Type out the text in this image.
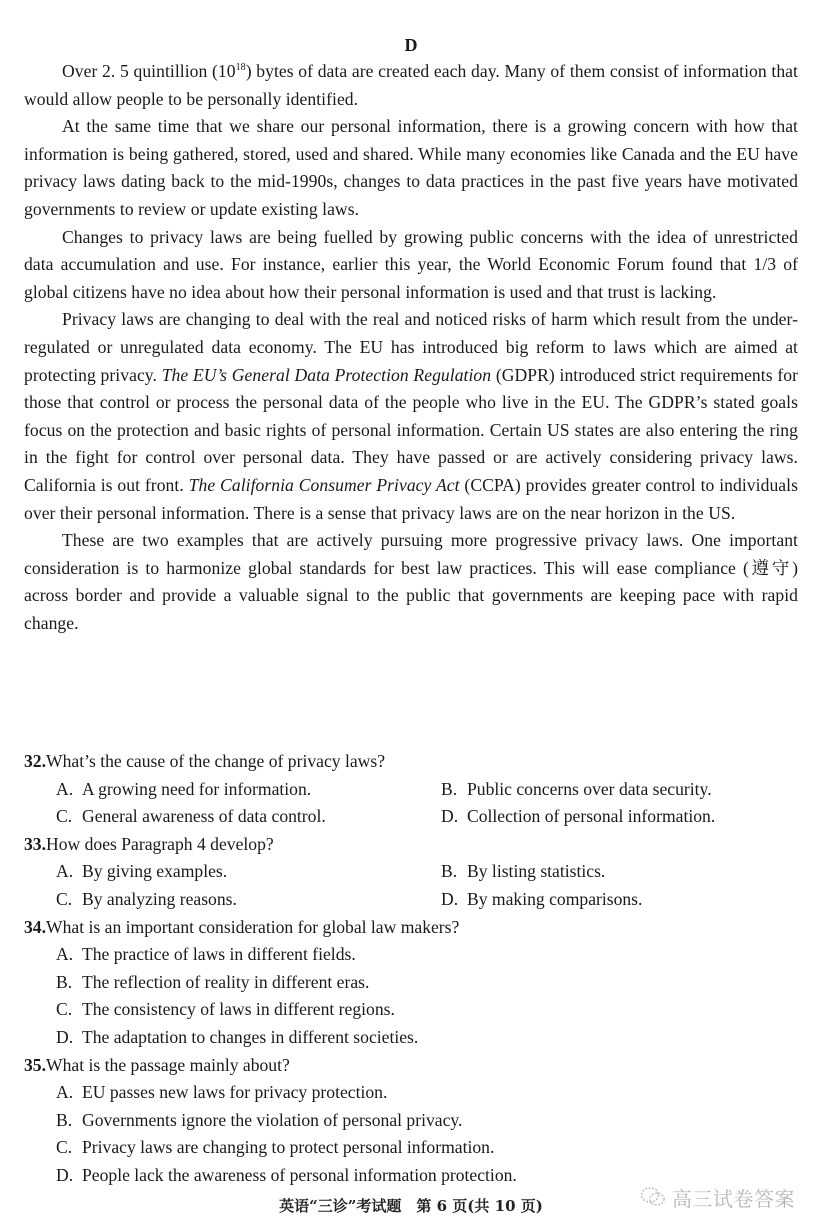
D

Over 2. 5 quintillion $(10^{18})$ bytes of data are created each day. Many of them consist of information that would allow people to be personally identified.

At the same time that we share our personal information, there is a growing concern with how that information is being gathered, stored, used and shared. While many economies like Canada and the EU have privacy laws dating back to the mid-1990s, changes to data practices in the past five years have motivated governments to review or update existing laws.

Changes to privacy laws are being fuelled by growing public concerns with the idea of unrestricted data accumulation and use. For instance, earlier this year, the World Economic Forum found that 1/3 of global citizens have no idea about how their personal information is used and that trust is lacking.

Privacy laws are changing to deal with the real and noticed risks of harm which result from the under-regulated or unregulated data economy. The EU has introduced big reform to laws which are aimed at protecting privacy. The EU’s General Data Protection Regulation (GDPR) introduced strict requirements for those that control or process the personal data of the people who live in the EU. The GDPR’s stated goals focus on the protection and basic rights of personal information. Certain US states are also entering the ring in the fight for control over personal data. They have passed or are actively considering privacy laws. California is out front. The California Consumer Privacy Act (CCPA) provides greater control to individuals over their personal information. There is a sense that privacy laws are on the near horizon in the US.

These are two examples that are actively pursuing more progressive privacy laws. One important consideration is to harmonize global standards for best law practices. This will ease compliance (遵守) across border and provide a valuable signal to the public that governments are keeping pace with rapid change.

32.What’s the cause of the change of privacy laws?
A. A growing need for information.	B. Public concerns over data security.
C. General awareness of data control.	D. Collection of personal information.
33.How does Paragraph 4 develop?
A. By giving examples.	B. By listing statistics.
C. By analyzing reasons.	D. By making comparisons.
34.What is an important consideration for global law makers?
A. The practice of laws in different fields.
B. The reflection of reality in different eras.
C. The consistency of laws in different regions.
D. The adaptation to changes in different societies.
35.What is the passage mainly about?
A. EU passes new laws for privacy protection.
B. Governments ignore the violation of personal privacy.
C. Privacy laws are changing to protect personal information.
D. People lack the awareness of personal information protection.
高三试卷答案
英语“三诊”考试题　第 6 页(共 10 页)
